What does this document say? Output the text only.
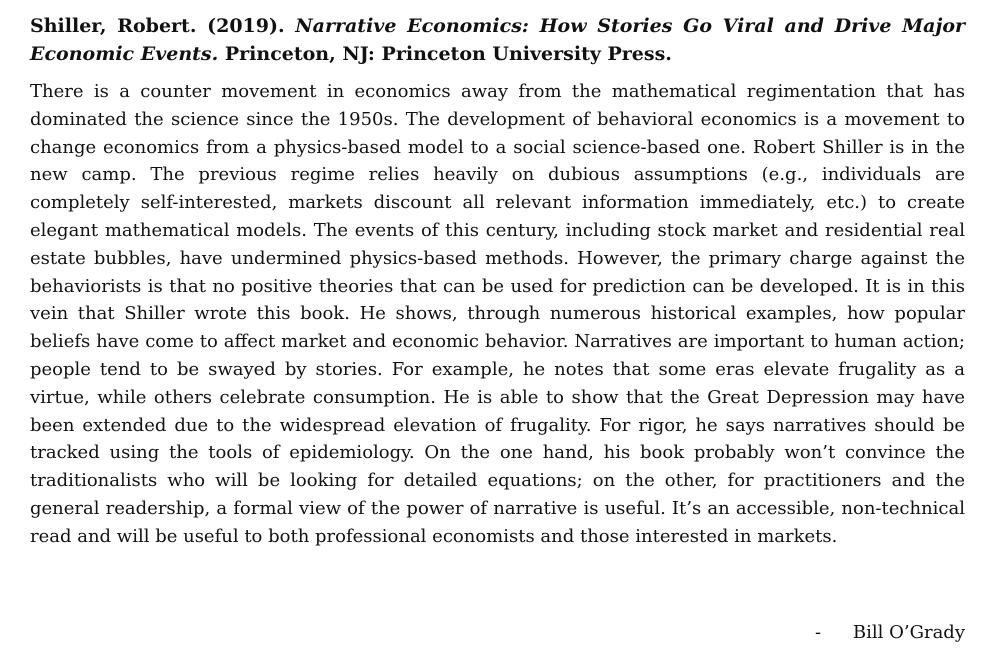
Shiller, Robert. (2019). Narrative Economics: How Stories Go Viral and Drive Major Economic Events. Princeton, NJ: Princeton University Press.

There is a counter movement in economics away from the mathematical regimentation that has dominated the science since the 1950s. The development of behavioral economics is a movement to change economics from a physics-based model to a social science-based one. Robert Shiller is in the new camp. The previous regime relies heavily on dubious assumptions (e.g., individuals are completely self-interested, markets discount all relevant information immediately, etc.) to create elegant mathematical models. The events of this century, including stock market and residential real estate bubbles, have undermined physics-based methods. However, the primary charge against the behaviorists is that no positive theories that can be used for prediction can be developed. It is in this vein that Shiller wrote this book. He shows, through numerous historical examples, how popular beliefs have come to affect market and economic behavior. Narratives are important to human action; people tend to be swayed by stories. For example, he notes that some eras elevate frugality as a virtue, while others celebrate consumption. He is able to show that the Great Depression may have been extended due to the widespread elevation of frugality. For rigor, he says narratives should be tracked using the tools of epidemiology. On the one hand, his book probably won’t convince the traditionalists who will be looking for detailed equations; on the other, for practitioners and the general readership, a formal view of the power of narrative is useful. It’s an accessible, non-technical read and will be useful to both professional economists and those interested in markets.

- Bill O’Grady
